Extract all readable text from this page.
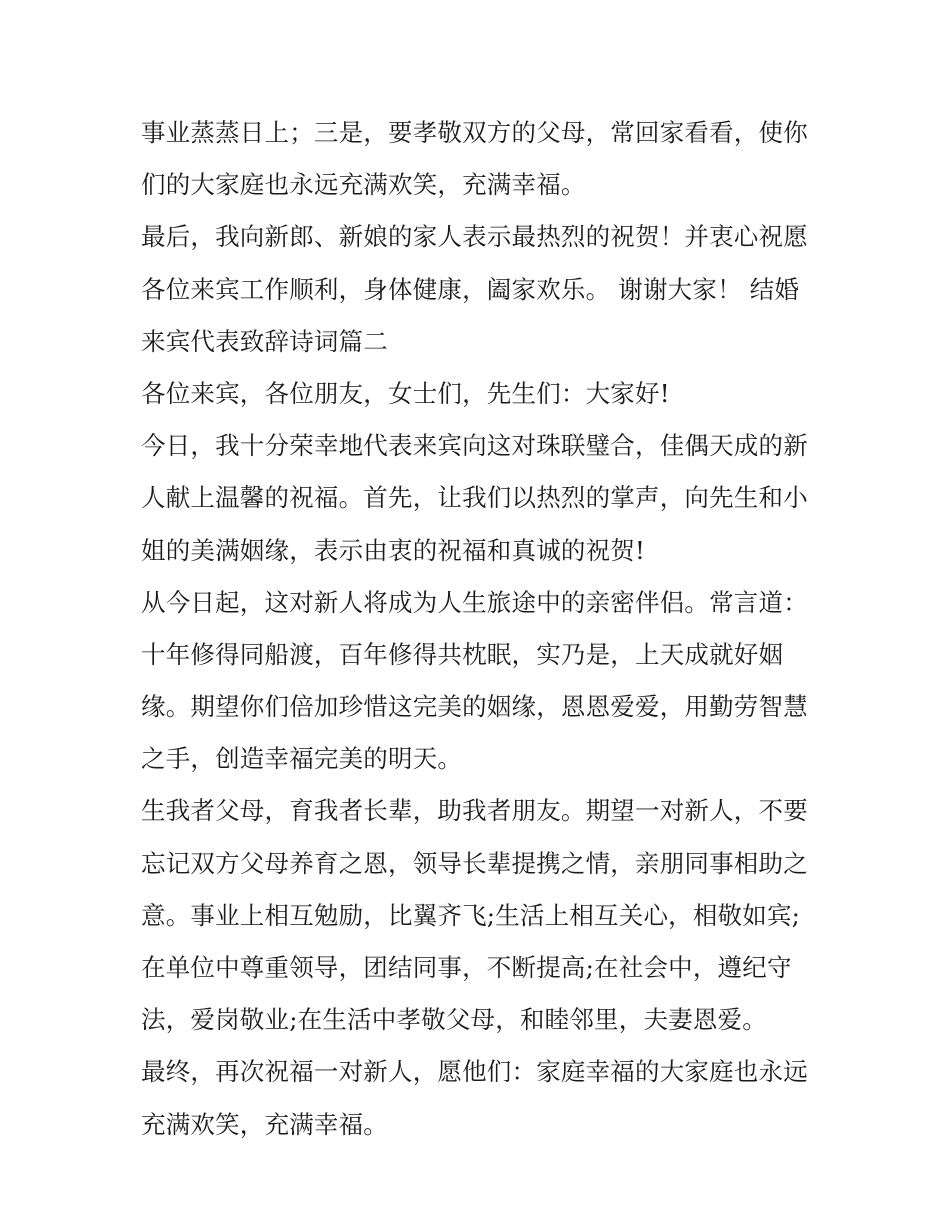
事业蒸蒸日上；三是，要孝敬双方的父母，常回家看看，使你
们的大家庭也永远充满欢笑，充满幸福。
最后，我向新郎、新娘的家人表示最热烈的祝贺！并衷心祝愿
各位来宾工作顺利，身体健康，阖家欢乐。 谢谢大家！ 结婚
来宾代表致辞诗词篇二
各位来宾，各位朋友，女士们，先生们：大家好!
今日，我十分荣幸地代表来宾向这对珠联璧合，佳偶天成的新
人献上温馨的祝福。首先，让我们以热烈的掌声，向先生和小
姐的美满姻缘，表示由衷的祝福和真诚的祝贺!
从今日起，这对新人将成为人生旅途中的亲密伴侣。常言道：
十年修得同船渡，百年修得共枕眠，实乃是，上天成就好姻
缘。期望你们倍加珍惜这完美的姻缘，恩恩爱爱，用勤劳智慧
之手，创造幸福完美的明天。
生我者父母，育我者长辈，助我者朋友。期望一对新人，不要
忘记双方父母养育之恩，领导长辈提携之情，亲朋同事相助之
意。事业上相互勉励，比翼齐飞;生活上相互关心，相敬如宾;
在单位中尊重领导，团结同事，不断提高;在社会中，遵纪守
法，爱岗敬业;在生活中孝敬父母，和睦邻里，夫妻恩爱。
最终，再次祝福一对新人，愿他们：家庭幸福的大家庭也永远
充满欢笑，充满幸福。
